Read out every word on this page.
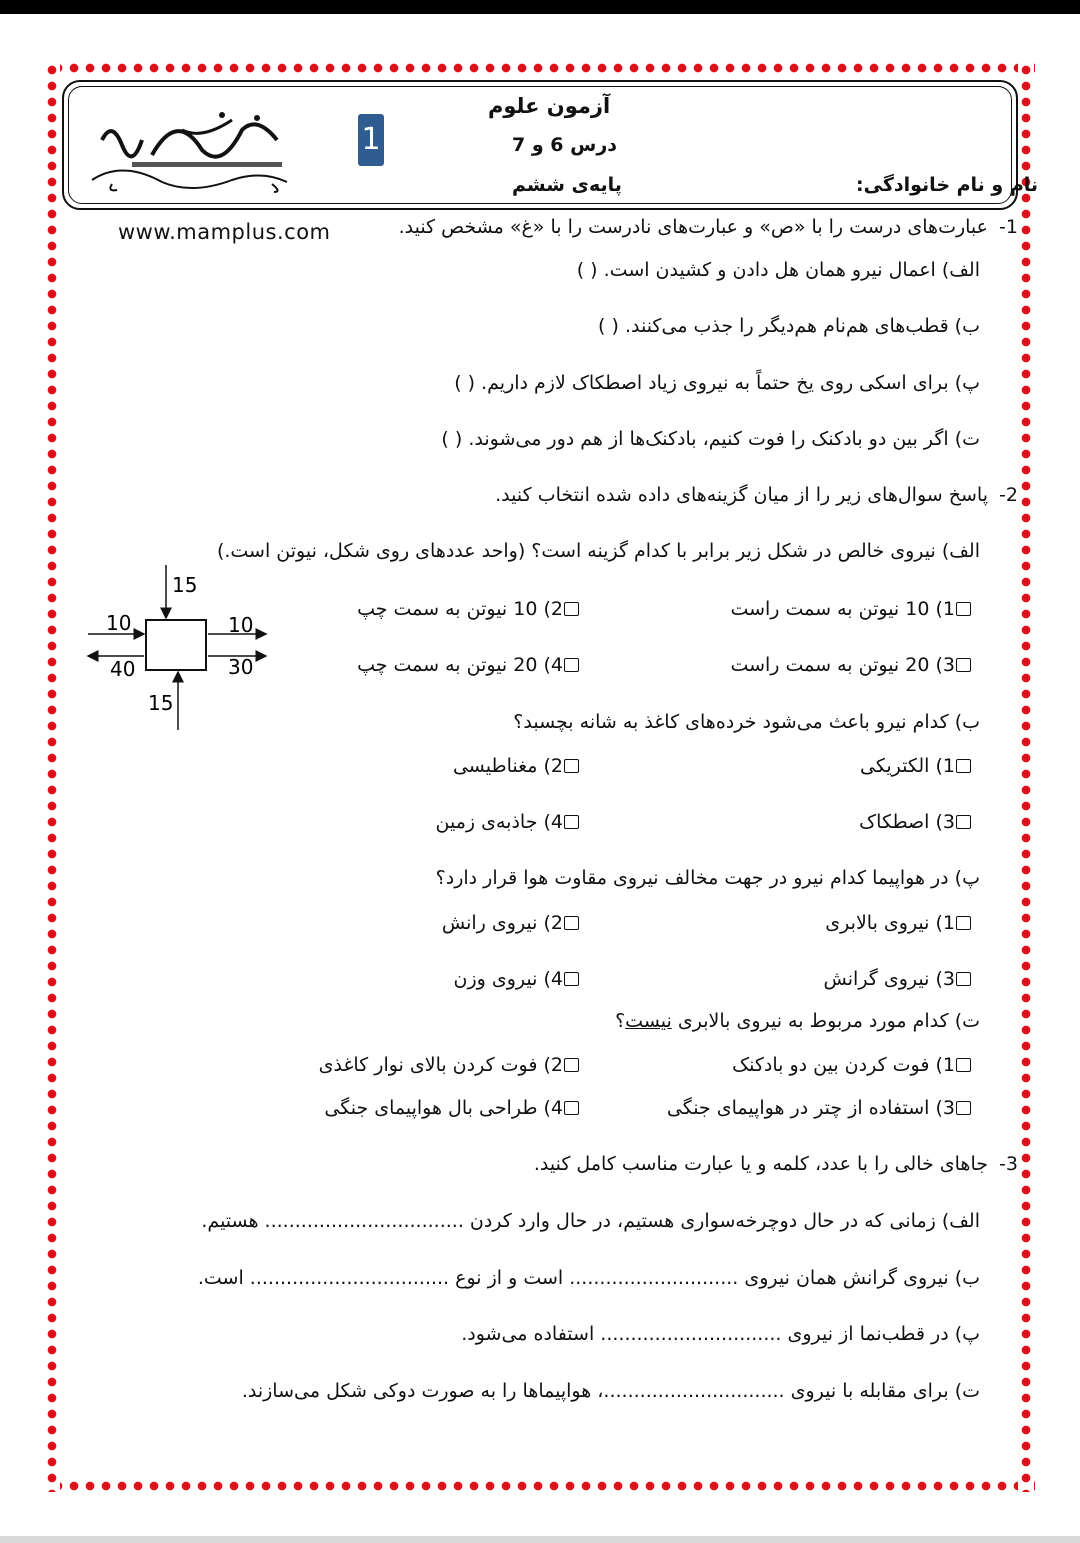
آزمون علوم
درس 6 و 7
پایه‌ی ششم	نام و نام خانوادگی:
1
www.mamplus.com	1-
عبارت‌های درست را با «ص» و عبارت‌های نادرست را با «غ» مشخص کنید.
الف) اعمال نیرو همان هل دادن و کشیدن است. ( )
ب) قطب‌های هم‌نام هم‌دیگر را جذب می‌کنند. ( )
پ) برای اسکی روی یخ حتماً به نیروی زیاد اصطکاک لازم داریم. ( )
ت) اگر بین دو بادکنک را فوت کنیم، بادکنک‌ها از هم دور می‌شوند. ( )
2-
پاسخ سوال‌های زیر را از میان گزینه‌های داده شده انتخاب کنید.
الف) نیروی خالص در شکل زیر برابر با کدام گزینه است؟ (واحد عددهای روی شکل، نیوتن است.)
1) 10 نیوتن به سمت راست
2) 10 نیوتن به سمت چپ
3) 20 نیوتن به سمت راست
4) 20 نیوتن به سمت چپ
15
15
10
40
10
30
ب) کدام نیرو باعث می‌شود خرده‌های کاغذ به شانه بچسبد؟
1) الکتریکی
2) مغناطیسی
3) اصطکاک
4) جاذبه‌ی زمین
پ) در هواپیما کدام نیرو در جهت مخالف نیروی مقاوت هوا قرار دارد؟
1) نیروی بالابری
2) نیروی رانش
3) نیروی گرانش
4) نیروی وزن
ت) کدام مورد مربوط به نیروی بالابری نیست؟
1) فوت کردن بین دو بادکنک
2) فوت کردن بالای نوار کاغذی
3) استفاده از چتر در هواپیمای جنگی
4) طراحی بال هواپیمای جنگی
3-
جاهای خالی را با عدد، کلمه و یا عبارت مناسب کامل کنید.
الف) زمانی که در حال دوچرخه‌سواری هستیم، در حال وارد کردن ................................. هستیم.
ب) نیروی گرانش همان نیروی ............................ است و از نوع ................................. است.
پ) در قطب‌نما از نیروی .............................. استفاده می‌شود.
ت) برای مقابله با نیروی ..............................، هواپیماها را به صورت دوکی شکل می‌سازند.
